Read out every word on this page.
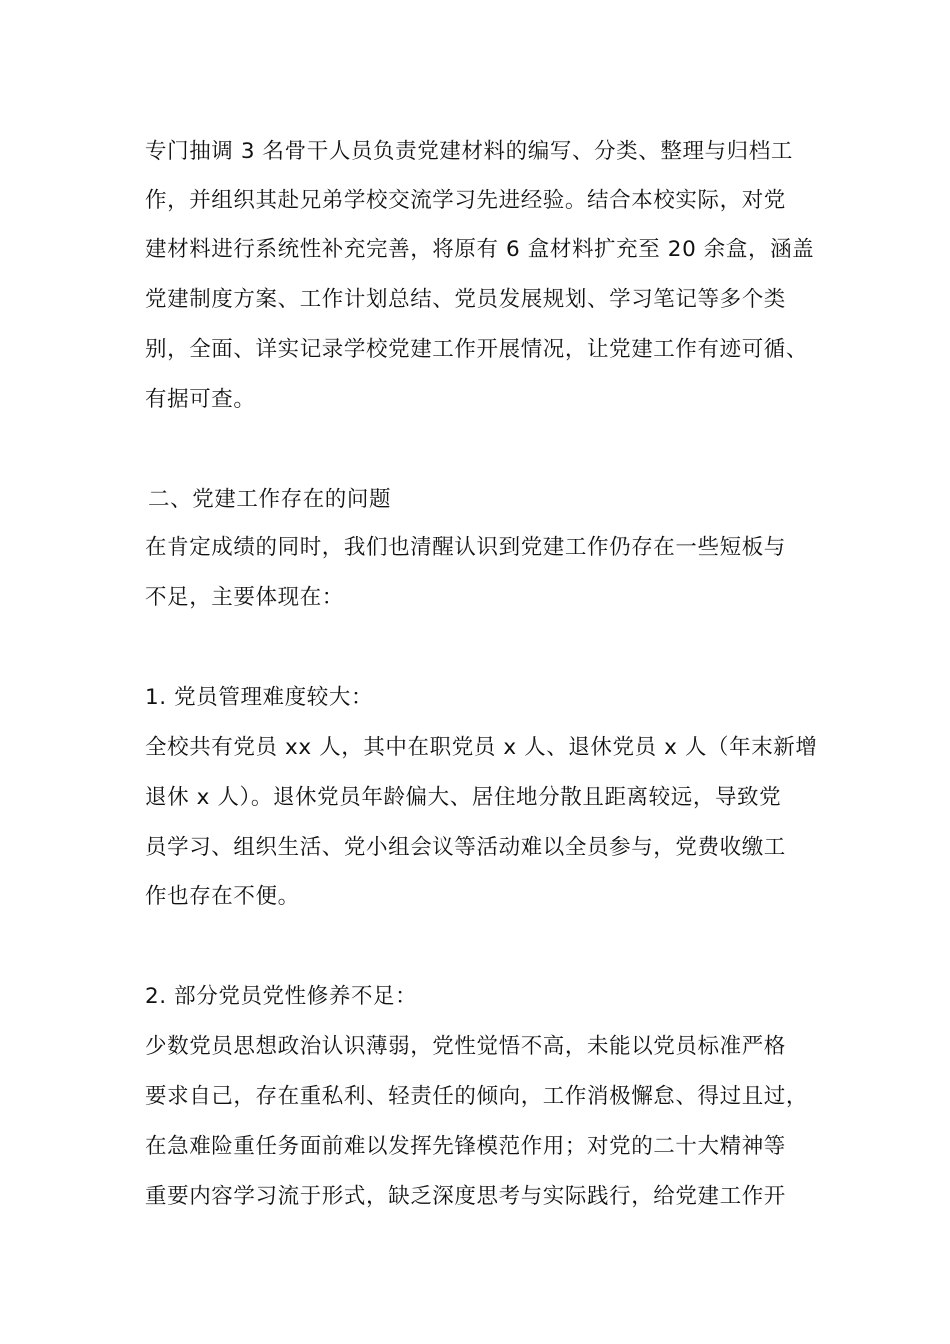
专门抽调 3 名骨干人员负责党建材料的编写、分类、整理与归档工
作，并组织其赴兄弟学校交流学习先进经验。结合本校实际，对党
建材料进行系统性补充完善，将原有 6 盒材料扩充至 20 余盒，涵盖
党建制度方案、工作计划总结、党员发展规划、学习笔记等多个类
别，全面、详实记录学校党建工作开展情况，让党建工作有迹可循、
有据可查。
二、党建工作存在的问题
在肯定成绩的同时，我们也清醒认识到党建工作仍存在一些短板与
不足，主要体现在：
1. 党员管理难度较大：
全校共有党员 xx 人，其中在职党员 x 人、退休党员 x 人（年末新增
退休 x 人）。退休党员年龄偏大、居住地分散且距离较远，导致党
员学习、组织生活、党小组会议等活动难以全员参与，党费收缴工
作也存在不便。
2. 部分党员党性修养不足：
少数党员思想政治认识薄弱，党性觉悟不高，未能以党员标准严格
要求自己，存在重私利、轻责任的倾向，工作消极懈怠、得过且过，
在急难险重任务面前难以发挥先锋模范作用；对党的二十大精神等
重要内容学习流于形式，缺乏深度思考与实际践行，给党建工作开
